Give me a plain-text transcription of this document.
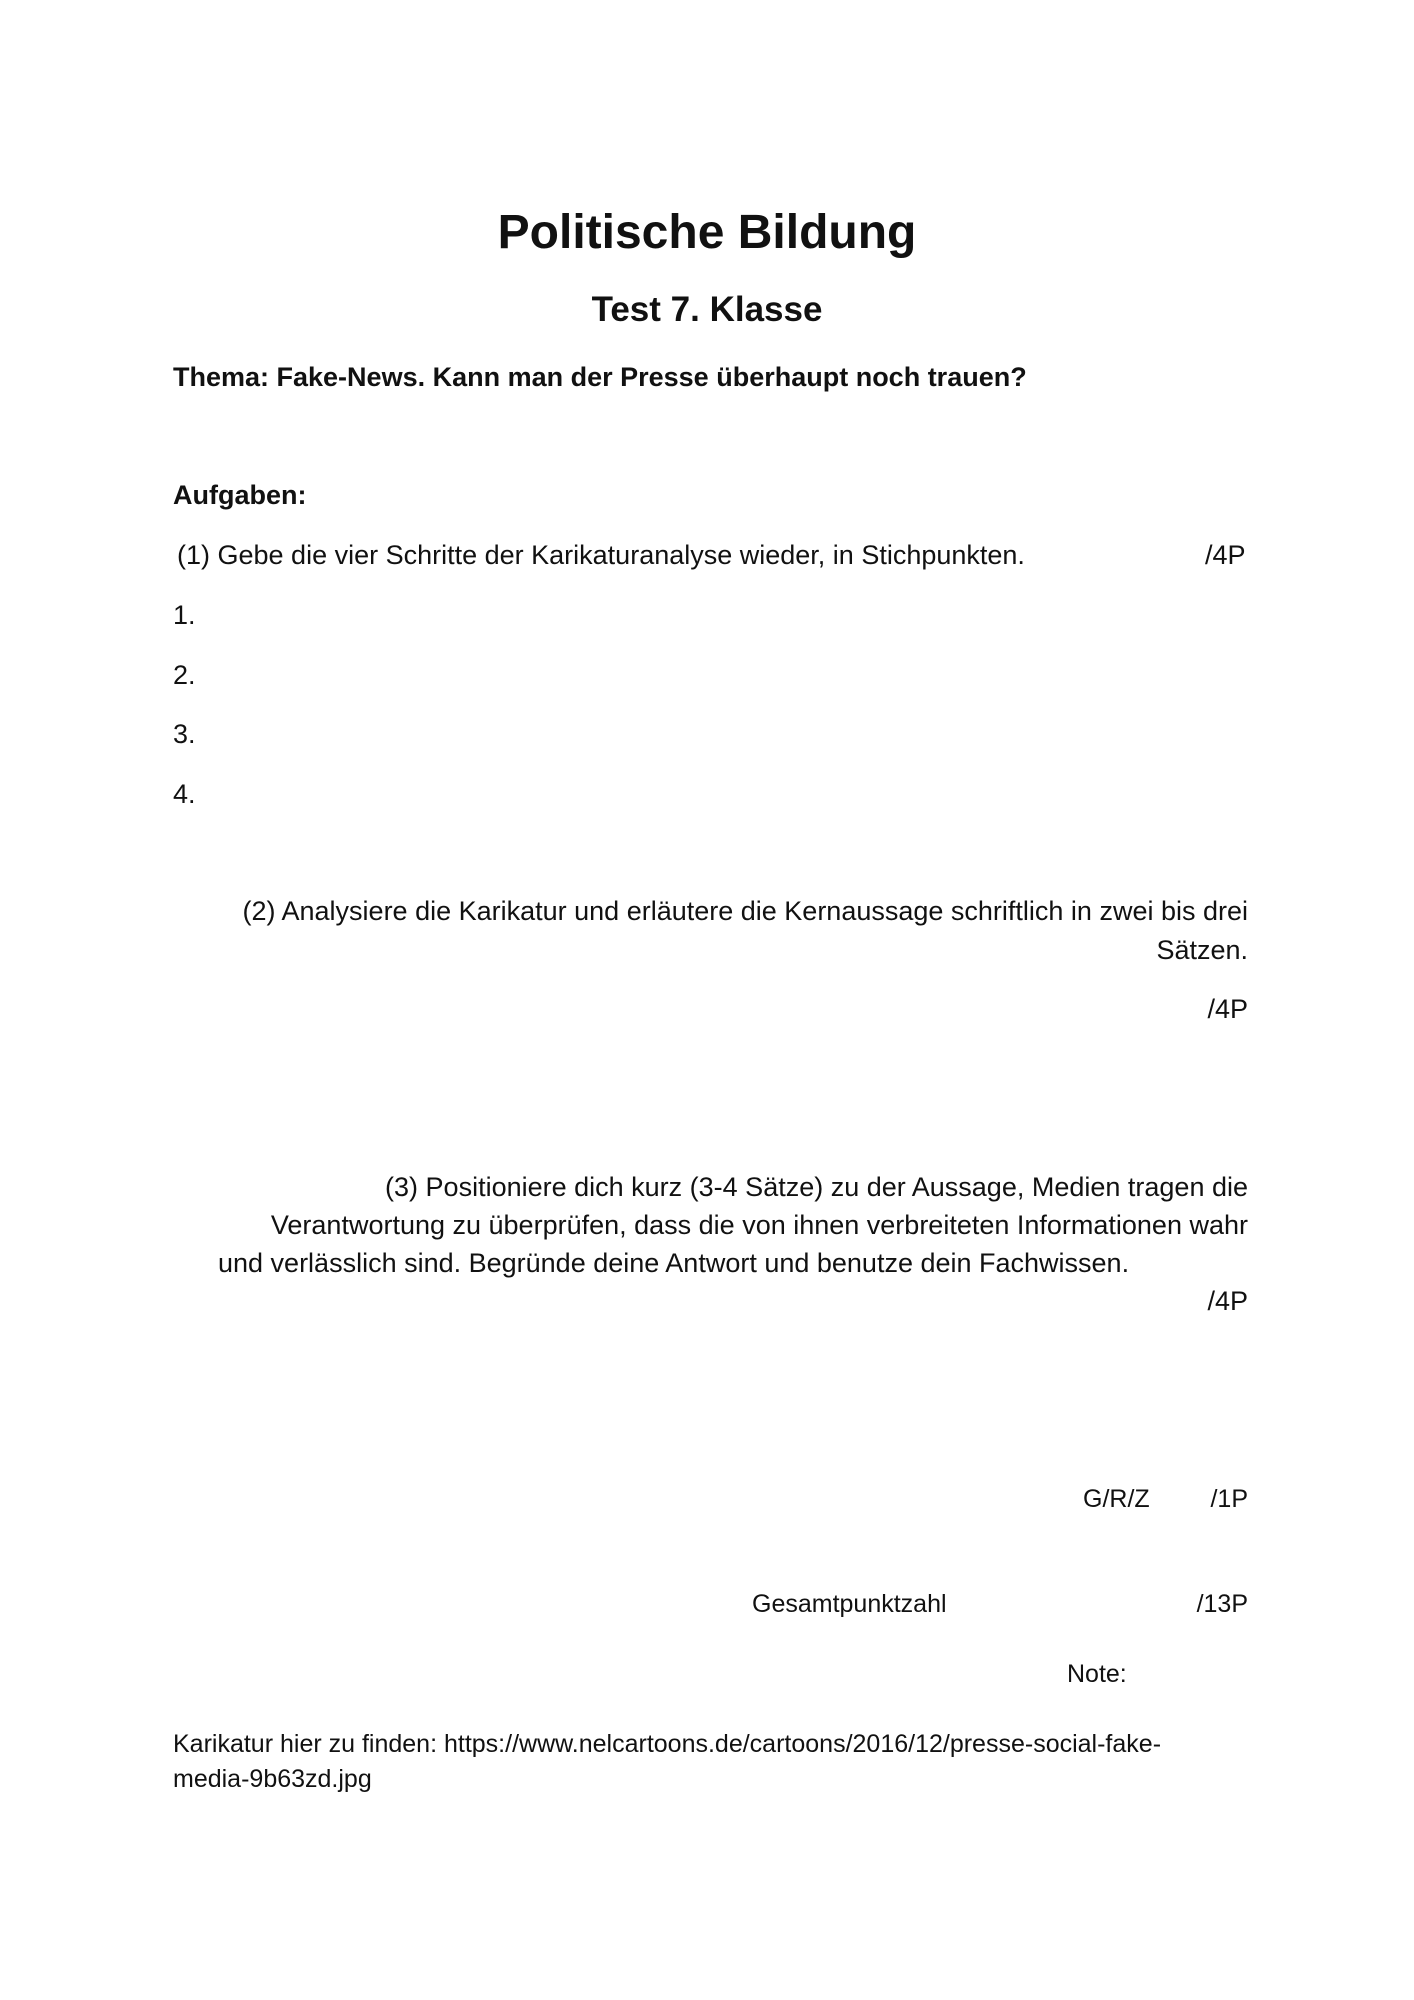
Politische Bildung
Test 7. Klasse
Thema: Fake-News. Kann man der Presse überhaupt noch trauen?
Aufgaben:
(1) Gebe die vier Schritte der Karikaturanalyse wieder, in Stichpunkten.	/4P
1.
2.
3.
4.
(2) Analysiere die Karikatur und erläutere die Kernaussage schriftlich in zwei bis drei
Sätzen.
/4P
(3) Positioniere dich kurz (3-4 Sätze) zu der Aussage, Medien tragen die
Verantwortung zu überprüfen, dass die von ihnen verbreiteten Informationen wahr
und verlässlich sind. Begründe deine Antwort und benutze dein Fachwissen.
/4P
G/R/Z /1P
Gesamtpunktzahl	/13P
Note:
Karikatur hier zu finden: https://www.nelcartoons.de/cartoons/2016/12/presse-social-fake-
media-9b63zd.jpg
